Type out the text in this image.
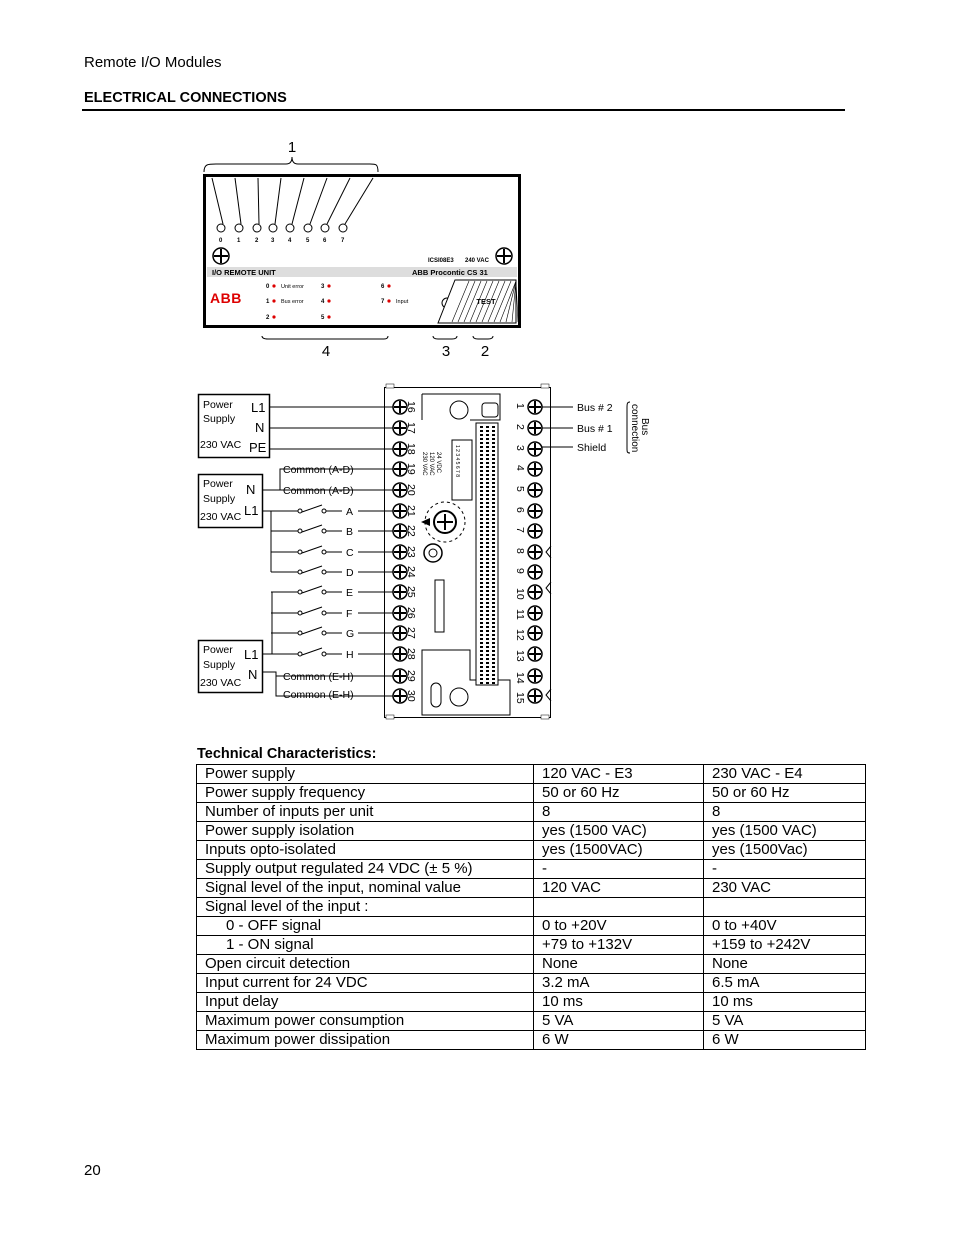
Remote I/O Modules
ELECTRICAL CONNECTIONS
1
0 1 2 3 4 5 6 7
ICSI08E3 240 VAC
I/O REMOTE UNIT	ABB Procontic CS 31
ABB
0 Unit error
1 Bus error
2
3
4
5
6
7 Input	TEST
4	3 2
1 2 3 4 5 6 7 8
24 VDC
120 VAC
230 VAC
16
17
18
19
20
21
22
23
24
25
26
27
28
29
30
1
2
3
4
5
6
7
8
9
10
11
12
13
14
15
Power
Supply
230 VAC
L1
N
PE
Power
Supply
230 VAC
N
L1
Power
Supply
230 VAC
L1
N
Common (A-D)
Common (A-D)
Common (E-H)
Common (E-H)
A
B
C
D
E
F
G
H
Bus # 2
Bus # 1
Shield
Bus
connection
Technical Characteristics:
Power supply	120 VAC - E3	230 VAC - E4
Power supply frequency	50 or 60 Hz	50 or 60 Hz
Number of inputs per unit	8	8
Power supply isolation	yes (1500 VAC)	yes (1500 VAC)
Inputs opto-isolated	yes (1500VAC)	yes (1500Vac)
Supply output regulated 24 VDC (± 5 %)	-	-
Signal level of the input, nominal value	120 VAC	230 VAC
Signal level of the input :		
0 - OFF signal	0 to +20V	0 to +40V
1 - ON signal	+79 to +132V	+159 to +242V
Open circuit detection	None	None
Input current for 24 VDC	3.2 mA	6.5 mA
Input delay	10 ms	10 ms
Maximum power consumption	5 VA	5 VA
Maximum power dissipation	6 W	6 W
20
